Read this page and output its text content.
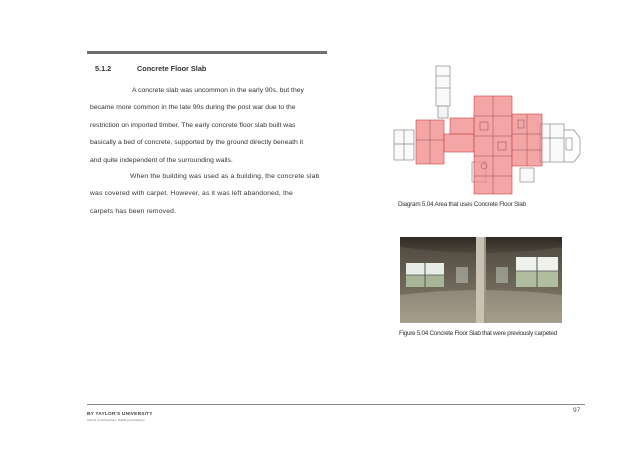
5.1.2	Concrete Floor Slab
A concrete slab was uncommon in the early 90s, but they
became more common in the late 90s during the post war due to the
restriction on imported timber. The early concrete floor slab built was
basically a bed of concrete, supported by the ground directly beneath it
and quite independent of the surrounding walls.
When the building was used as a building, the concrete slab
was covered with carpet. However, as it was left abandoned, the
carpets has been removed.
Diagram 5.04 Area that uses Concrete Floor Slab
Figure 5.04 Concrete Floor Slab that were previously carpeted
97
BY TAYLOR'S UNIVERSITY
School of Architecture, Building and Design
